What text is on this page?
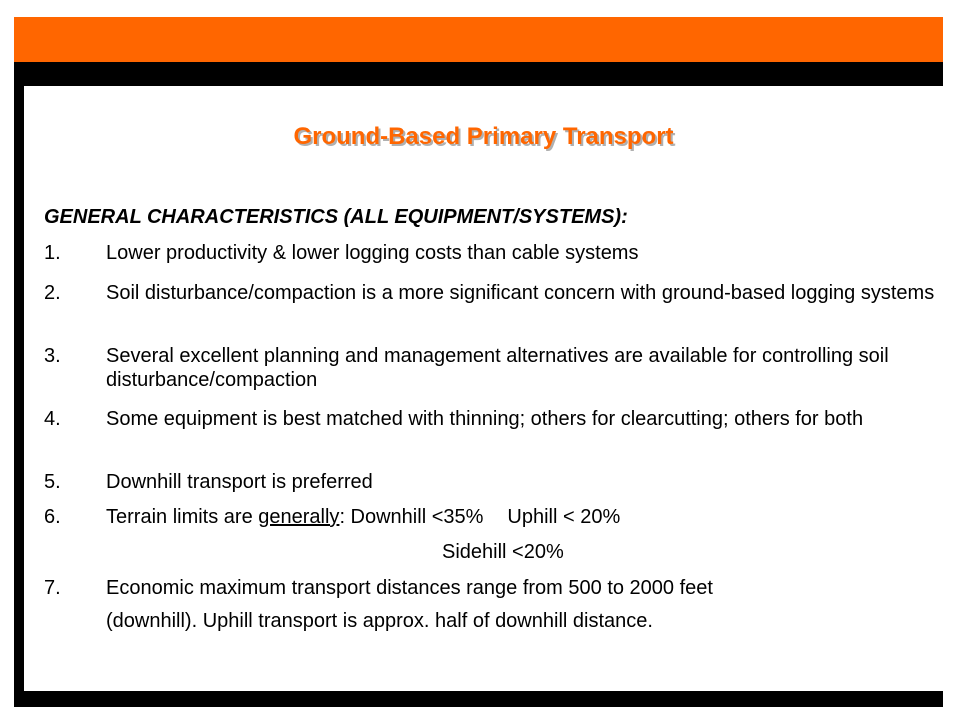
Ground-Based Primary Transport
GENERAL CHARACTERISTICS (ALL EQUIPMENT/SYSTEMS):
1. Lower productivity & lower logging costs than cable systems
2. Soil disturbance/compaction is a more significant concern with ground-based logging systems
3. Several excellent planning and management alternatives are available for controlling soil disturbance/compaction
4. Some equipment is best matched with thinning; others for clearcutting; others for both
5. Downhill transport is preferred
6. Terrain limits are generally: Downhill <35% Uphill < 20%
Sidehill <20%
7. Economic maximum transport distances range from 500 to 2000 feet
(downhill). Uphill transport is approx. half of downhill distance.
